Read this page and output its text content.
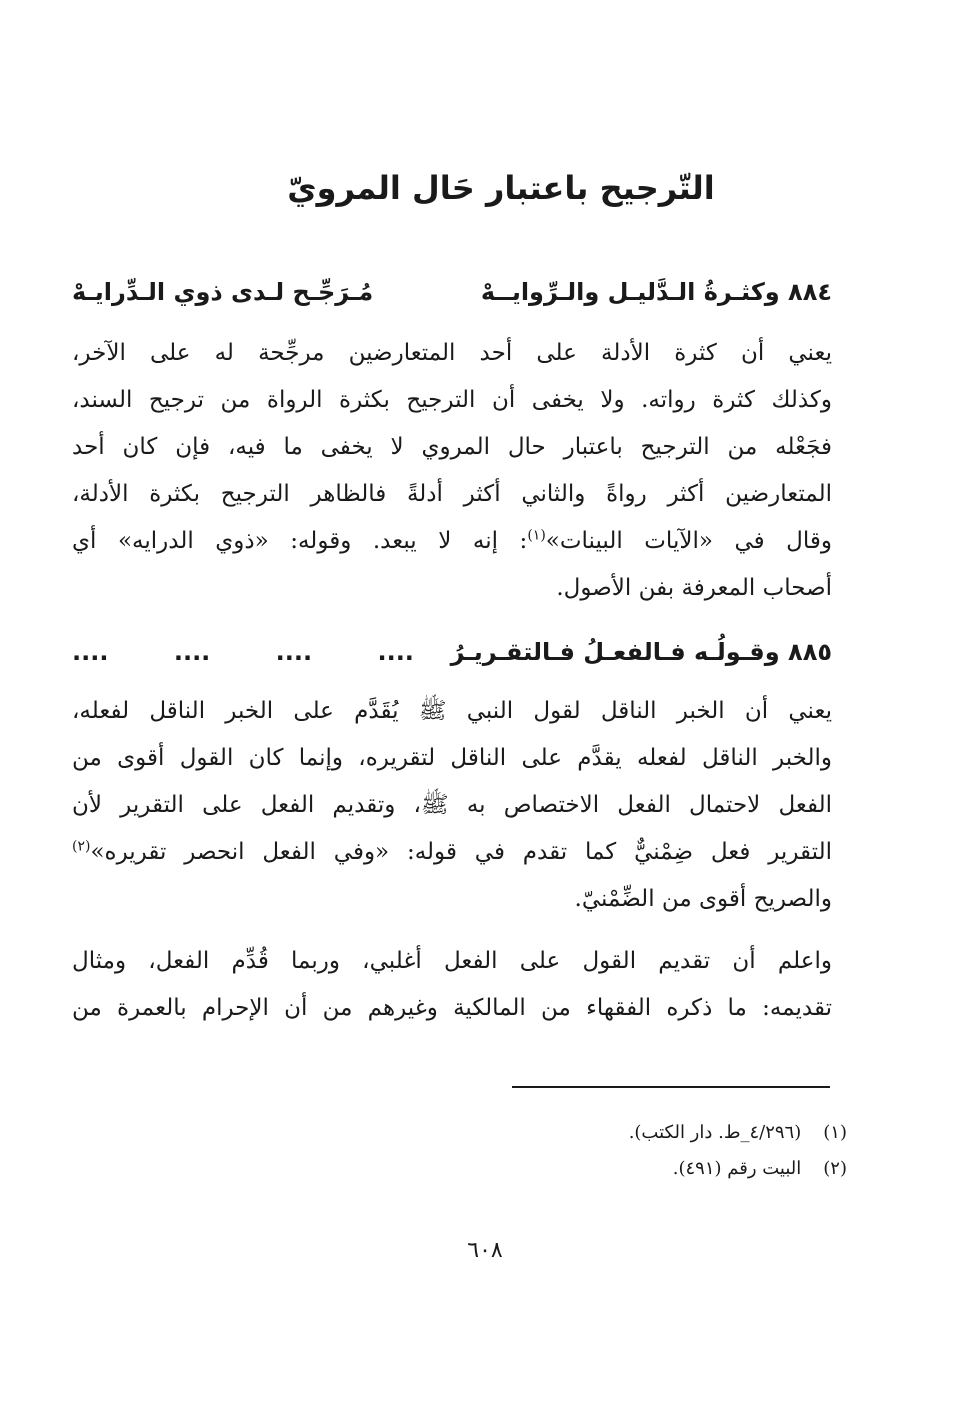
التّرجيح باعتبار حَال المرويّ
٨٨٤ وكثـرةُ الـدَّليـل والـرِّوايــهْ
مُـرَجِّـح لـدى ذوي الـدِّرايـهْ
يعني أن كثرة الأدلة على أحد المتعارضين مرجِّحة له على الآخر،
وكذلك كثرة رواته. ولا يخفى أن الترجيح بكثرة الرواة من ترجيح السند،
فجَعْله من الترجيح باعتبار حال المروي لا يخفى ما فيه، فإن كان أحد
المتعارضين أكثر رواةً والثاني أكثر أدلةً فالظاهر الترجيح بكثرة الأدلة،
وقال في «الآيات البينات»$^{(١)}$: إنه لا يبعد. وقوله: «ذوي الدرايه» أي
أصحاب المعرفة بفن الأصول.
٨٨٥ وقـولُـه فـالفعـلُ فـالتقـريـرُ  ....
....
....
....
يعني أن الخبر الناقل لقول النبي ﷺ يُقَدَّم على الخبر الناقل لفعله،
والخبر الناقل لفعله يقدَّم على الناقل لتقريره، وإنما كان القول أقوى من
الفعل لاحتمال الفعل الاختصاص به ﷺ، وتقديم الفعل على التقرير لأن
التقرير فعل ضِمْنيٌّ كما تقدم في قوله: «وفي الفعل انحصر تقريره»$^{(٢)}$
والصريح أقوى من الضِّمْنيّ.
واعلم أن تقديم القول على الفعل أغلبي، وربما قُدِّم الفعل، ومثال
تقديمه: ما ذكره الفقهاء من المالكية وغيرهم من أن الإحرام بالعمرة من
(١) (٤/٢٩٦_ط. دار الكتب).
(٢) البيت رقم (٤٩١).
٦٠٨
